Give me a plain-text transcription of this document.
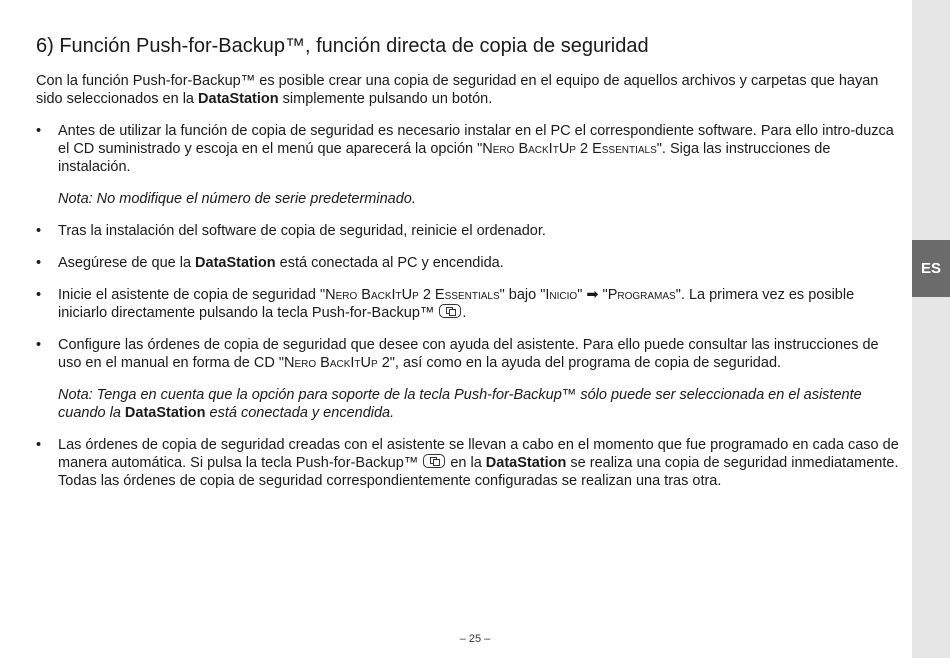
ES
6) Función Push-for-Backup™, función directa de copia de seguridad

Con la función Push-for-Backup™ es posible crear una copia de seguridad en el equipo de aquellos archivos y carpetas que hayan sido seleccionados en la DataStation simplemente pulsando un botón.

• Antes de utilizar la función de copia de seguridad es necesario instalar en el PC el correspondiente software. Para ello intro-duzca el CD suministrado y escoja en el menú que aparecerá la opción "Nero BackItUp 2 Essentials". Siga las instrucciones de instalación.

Nota: No modifique el número de serie predeterminado.

• Tras la instalación del software de copia de seguridad, reinicie el ordenador.
• Asegúrese de que la DataStation está conectada al PC y encendida.
• Inicie el asistente de copia de seguridad "Nero BackItUp 2 Essentials" bajo "Inicio" ➡ "Programas". La primera vez es posible iniciarlo directamente pulsando la tecla Push-for-Backup™ .
• Configure las órdenes de copia de seguridad que desee con ayuda del asistente. Para ello puede consultar las instrucciones de uso en el manual en forma de CD "Nero BackItUp 2", así como en la ayuda del programa de copia de seguridad.

Nota: Tenga en cuenta que la opción para soporte de la tecla Push-for-Backup™ sólo puede ser seleccionada en el asistente cuando la DataStation está conectada y encendida.

• Las órdenes de copia de seguridad creadas con el asistente se llevan a cabo en el momento que fue programado en cada caso de manera automática. Si pulsa la tecla Push-for-Backup™  en la DataStation se realiza una copia de seguridad inmediatamente. Todas las órdenes de copia de seguridad correspondientemente configuradas se realizan una tras otra.
– 25 –
